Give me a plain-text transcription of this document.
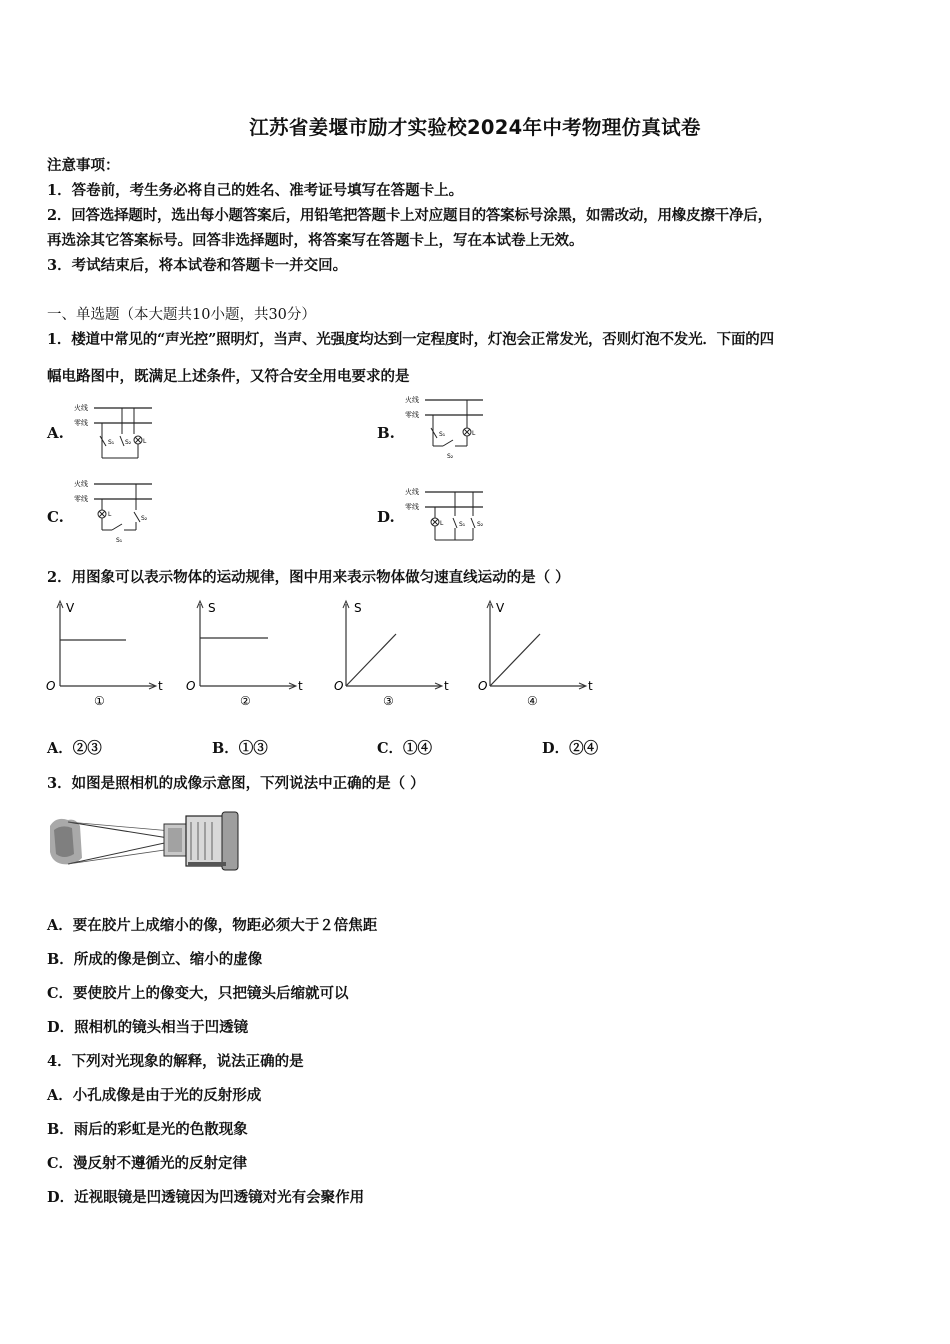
江苏省姜堰市励才实验校2024年中考物理仿真试卷
注意事项：
1．答卷前，考生务必将自己的姓名、准考证号填写在答题卡上。
2．回答选择题时，选出每小题答案后，用铅笔把答题卡上对应题目的答案标号涂黑，如需改动，用橡皮擦干净后，
再选涂其它答案标号。回答非选择题时，将答案写在答题卡上，写在本试卷上无效。
3．考试结束后，将本试卷和答题卡一并交回。
一、单选题（本大题共10小题，共30分）
1．楼道中常见的“声光控”照明灯，当声、光强度均达到一定程度时，灯泡会正常发光，否则灯泡不发光．下面的四
幅电路图中，既满足上述条件，又符合安全用电要求的是
A.	B.
C.	D.
火线
零线
S₁ S₂ L
火线
零线
S₁
S₂
L
火线
零线
L
S₂
S₁
火线
零线
L	S₁ S₂
2．用图象可以表示物体的运动规律，图中用来表示物体做匀速直线运动的是（ ）
V
t
O
①
S
t
O
②
S
t
O
③
V
t
O
④
A．②③	B．①③	C．①④	D．②④
3．如图是照相机的成像示意图，下列说法中正确的是（ ）
A．要在胶片上成缩小的像，物距必须大于２倍焦距
B．所成的像是倒立、缩小的虚像
C．要使胶片上的像变大，只把镜头后缩就可以
D．照相机的镜头相当于凹透镜
4．下列对光现象的解释，说法正确的是
A．小孔成像是由于光的反射形成
B．雨后的彩虹是光的色散现象
C．漫反射不遵循光的反射定律
D．近视眼镜是凹透镜因为凹透镜对光有会聚作用
